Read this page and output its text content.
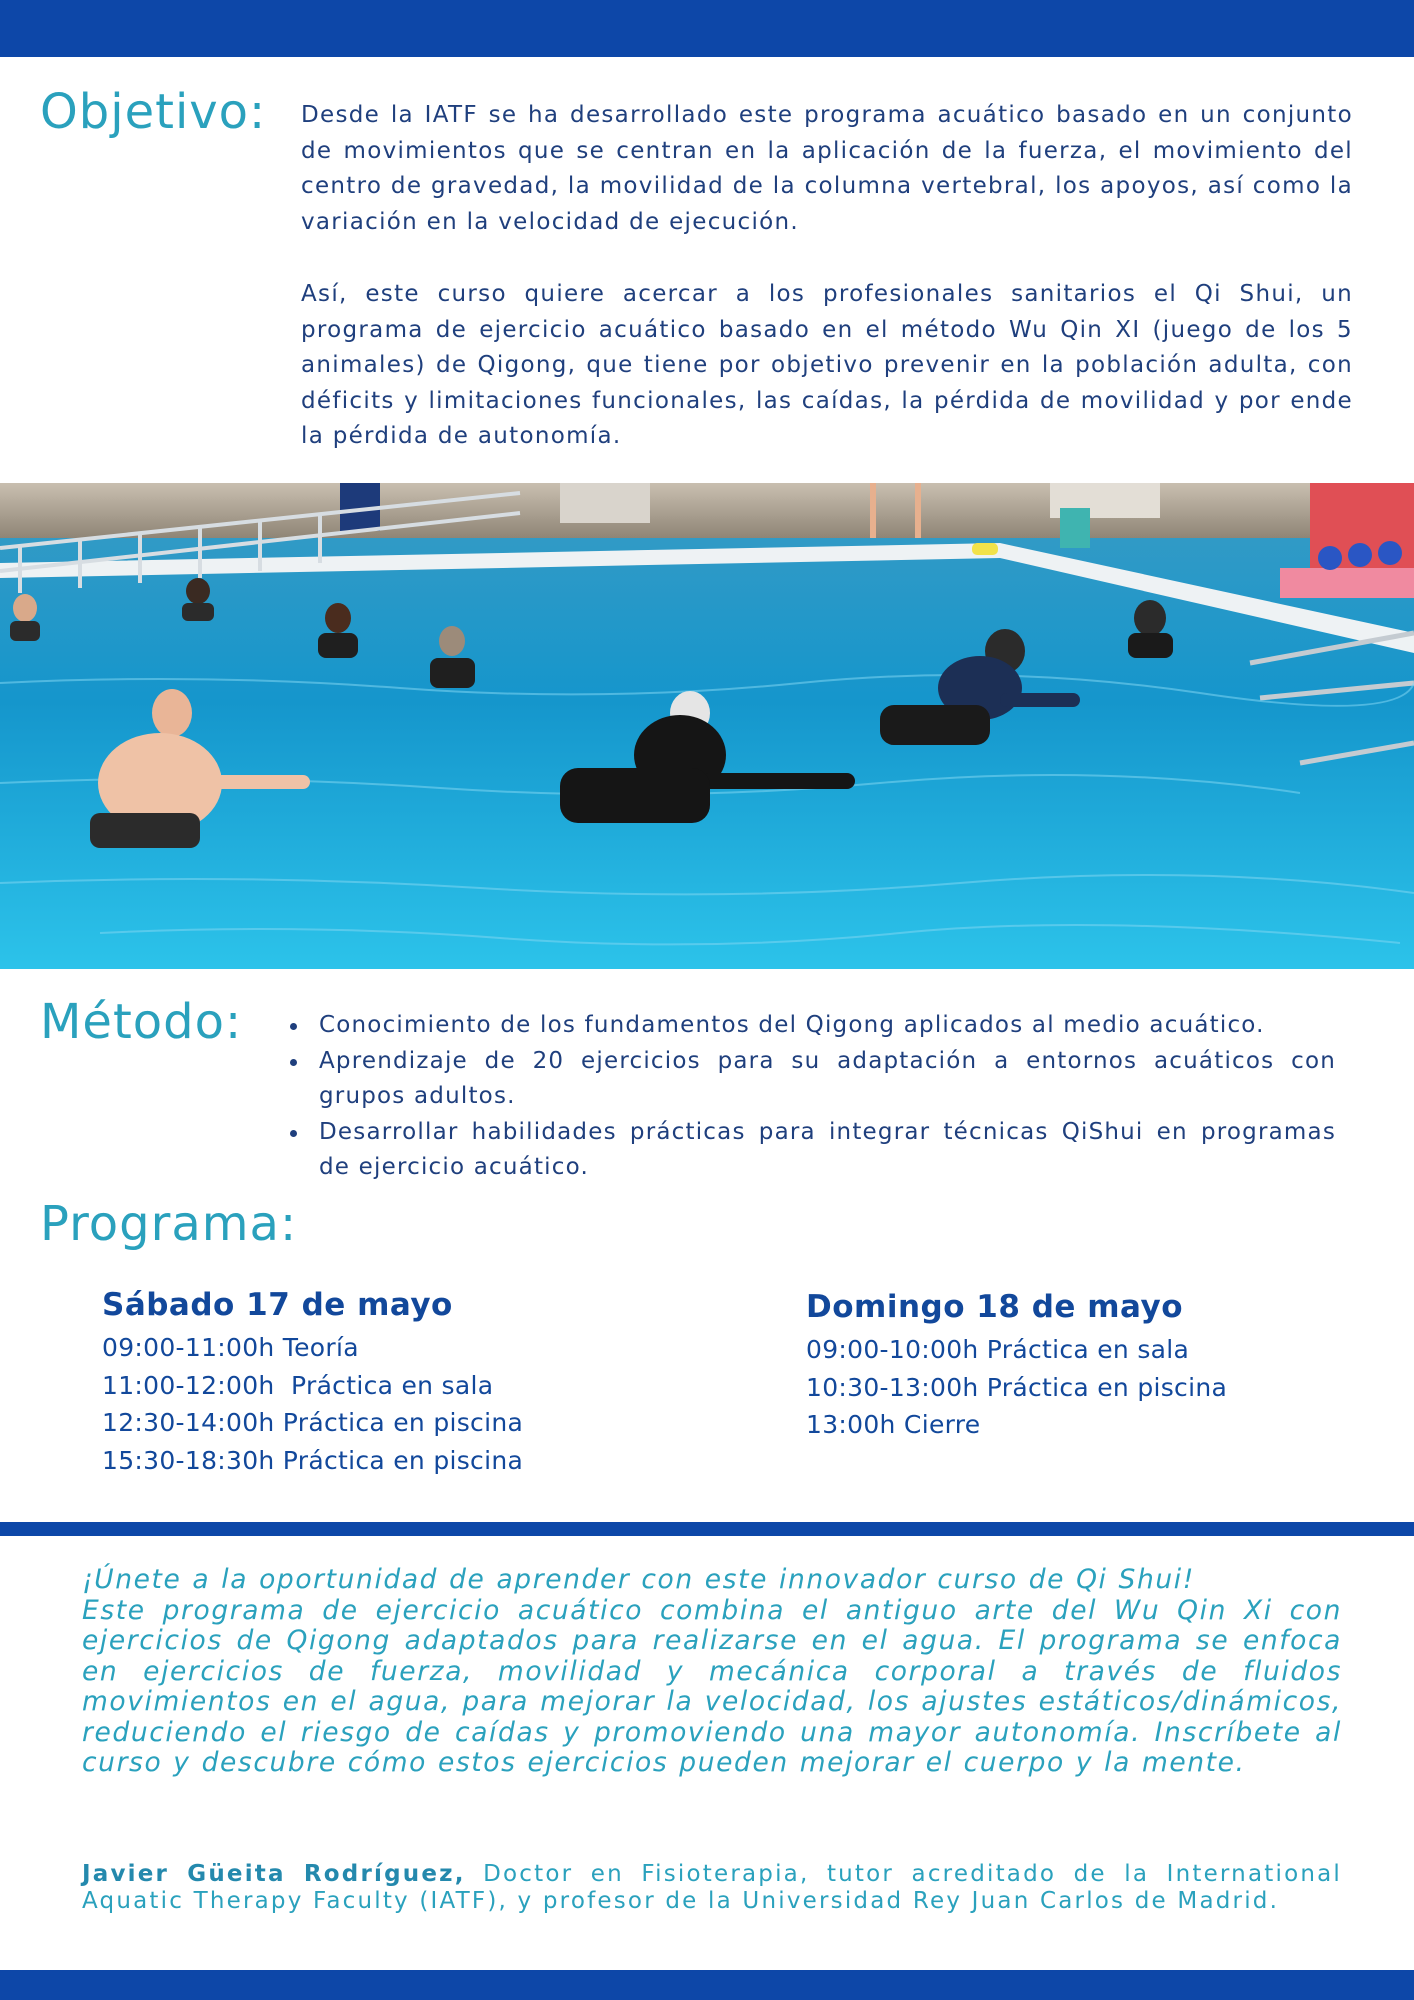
Objetivo: Desde la IATF se ha desarrollado este programa acuático basado en un conjunto de movimientos que se centran en la aplicación de la fuerza, el movimiento del centro de gravedad, la movilidad de la columna vertebral, los apoyos, así como la variación en la velocidad de ejecución.

Así, este curso quiere acercar a los profesionales sanitarios el Qi Shui, un programa de ejercicio acuático basado en el método Wu Qin XI (juego de los 5 animales) de Qigong, que tiene por objetivo prevenir en la población adulta, con déficits y limitaciones funcionales, las caídas, la pérdida de movilidad y por ende la pérdida de autonomía.

Método:	Conocimiento de los fundamentos del Qigong aplicados al medio acuático.
Aprendizaje de 20 ejercicios para su adaptación a entornos acuáticos con grupos adultos.
Desarrollar habilidades prácticas para integrar técnicas QiShui en programas de ejercicio acuático.
Programa:
Sábado 17 de mayo
09:00-11:00h Teoría
11:00-12:00h  Práctica en sala
12:30-14:00h Práctica en piscina
15:30-18:30h Práctica en piscina
Domingo 18 de mayo
09:00-10:00h Práctica en sala
10:30-13:00h Práctica en piscina
13:00h Cierre

¡Únete a la oportunidad de aprender con este innovador curso de Qi Shui!

Este programa de ejercicio acuático combina el antiguo arte del Wu Qin Xi con ejercicios de Qigong adaptados para realizarse en el agua. El programa se enfoca en ejercicios de fuerza, movilidad y mecánica corporal a través de fluidos movimientos en el agua, para mejorar la velocidad, los ajustes estáticos/dinámicos, reduciendo el riesgo de caídas y promoviendo una mayor autonomía. Inscríbete al curso y descubre cómo estos ejercicios pueden mejorar el cuerpo y la mente.

Javier Güeita Rodríguez, Doctor en Fisioterapia, tutor acreditado de la International Aquatic Therapy Faculty (IATF), y profesor de la Universidad Rey Juan Carlos de Madrid.
